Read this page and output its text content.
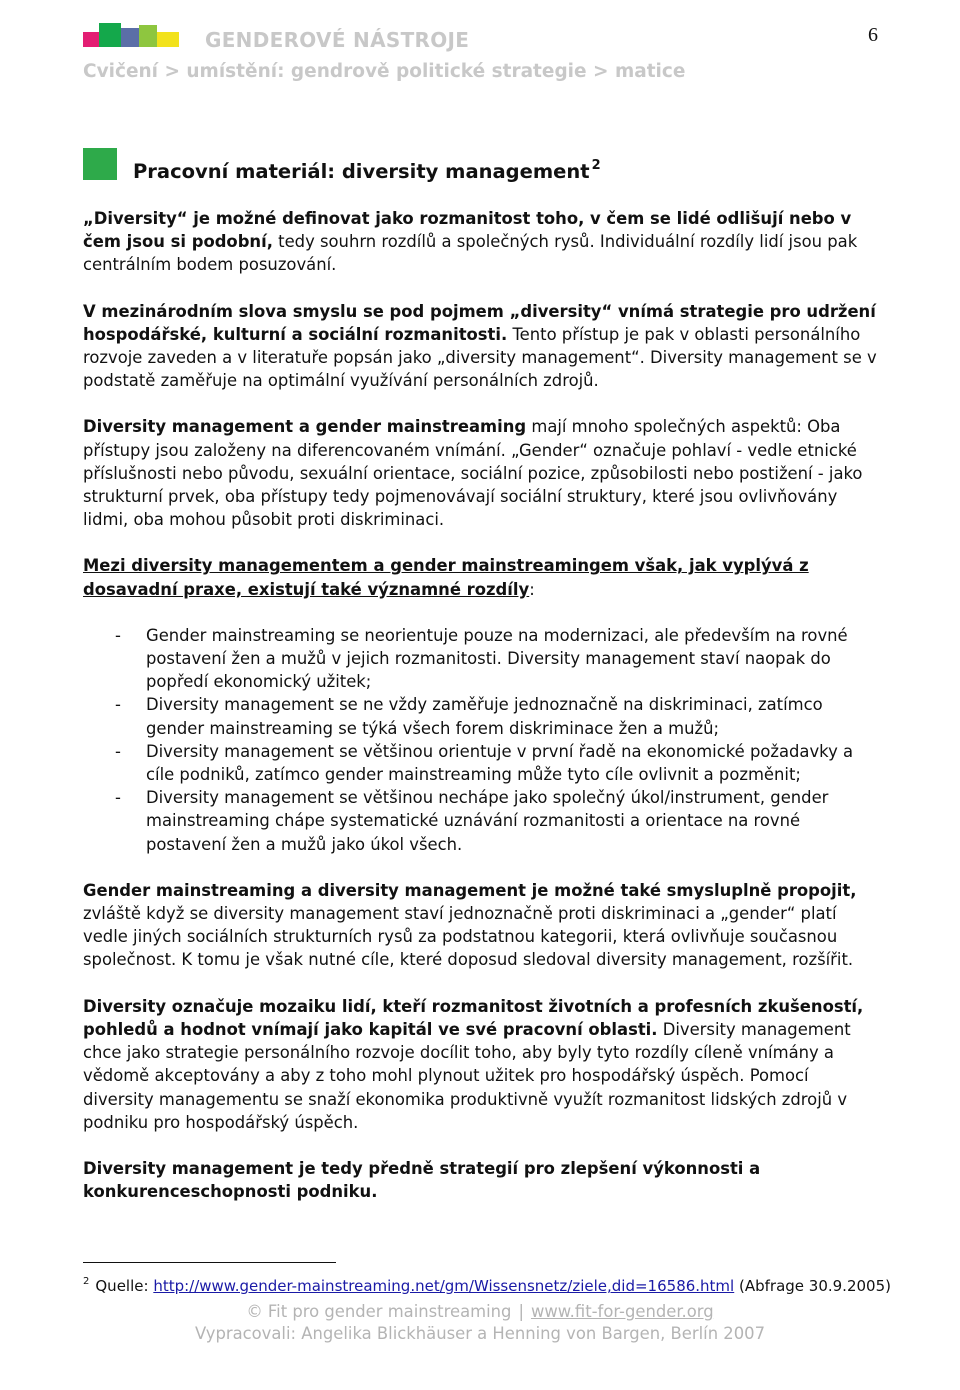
GENDEROVÉ NÁSTROJE
Cvičení > umístění: gendrově politické strategie > matice
6
Pracovní materiál: diversity management $^2$

„Diversity“ je možné definovat jako rozmanitost toho, v čem se lidé odlišují nebo v čem jsou si podobní, tedy souhrn rozdílů a společných rysů. Individuální rozdíly lidí jsou pak centrálním bodem posuzování.

V mezinárodním slova smyslu se pod pojmem „diversity“ vnímá strategie pro udržení hospodářské, kulturní a sociální rozmanitosti. Tento přístup je pak v oblasti personálního rozvoje zaveden a v literatuře popsán jako „diversity management“. Diversity management se v podstatě zaměřuje na optimální využívání personálních zdrojů.

Diversity management a gender mainstreaming mají mnoho společných aspektů: Oba přístupy jsou založeny na diferencovaném vnímání. „Gender“ označuje pohlaví - vedle etnické příslušnosti nebo původu, sexuální orientace, sociální pozice, způsobilosti nebo postižení - jako strukturní prvek, oba přístupy tedy pojmenovávají sociální struktury, které jsou ovlivňovány lidmi, oba mohou působit proti diskriminaci.

Mezi diversity managementem a gender mainstreamingem však, jak vyplývá z dosavadní praxe, existují také významné rozdíly:

-	Gender mainstreaming se neorientuje pouze na modernizaci, ale především na rovné postavení žen a mužů v jejich rozmanitosti. Diversity management staví naopak do popředí ekonomický užitek;
-	Diversity management se ne vždy zaměřuje jednoznačně na diskriminaci, zatímco gender mainstreaming se týká všech forem diskriminace žen a mužů;
-	Diversity management se většinou orientuje v první řadě na ekonomické požadavky a cíle podniků, zatímco gender mainstreaming může tyto cíle ovlivnit a pozměnit;
-	Diversity management se většinou nechápe jako společný úkol/instrument, gender mainstreaming chápe systematické uznávání rozmanitosti a orientace na rovné postavení žen a mužů jako úkol všech.

Gender mainstreaming a diversity management je možné také smysluplně propojit, zvláště když se diversity management staví jednoznačně proti diskriminaci a „gender“ platí vedle jiných sociálních strukturních rysů za podstatnou kategorii, která ovlivňuje současnou společnost. K tomu je však nutné cíle, které doposud sledoval diversity management, rozšířit.

Diversity označuje mozaiku lidí, kteří rozmanitost životních a profesních zkušeností, pohledů a hodnot vnímají jako kapitál ve své pracovní oblasti. Diversity management chce jako strategie personálního rozvoje docílit toho, aby byly tyto rozdíly cíleně vnímány a vědomě akceptovány a aby z toho mohl plynout užitek pro hospodářský úspěch. Pomocí diversity managementu se snaží ekonomika produktivně využít rozmanitost lidských zdrojů v podniku pro hospodářský úspěch.

Diversity management je tedy předně strategií pro zlepšení výkonnosti a konkurenceschopnosti podniku.

$^2$ Quelle: http://www.gender-mainstreaming.net/gm/Wissensnetz/ziele,did=16586.html (Abfrage 30.9.2005)
© Fit pro gender mainstreaming | www.fit-for-gender.org
Vypracovali: Angelika Blickhäuser a Henning von Bargen, Berlín 2007
